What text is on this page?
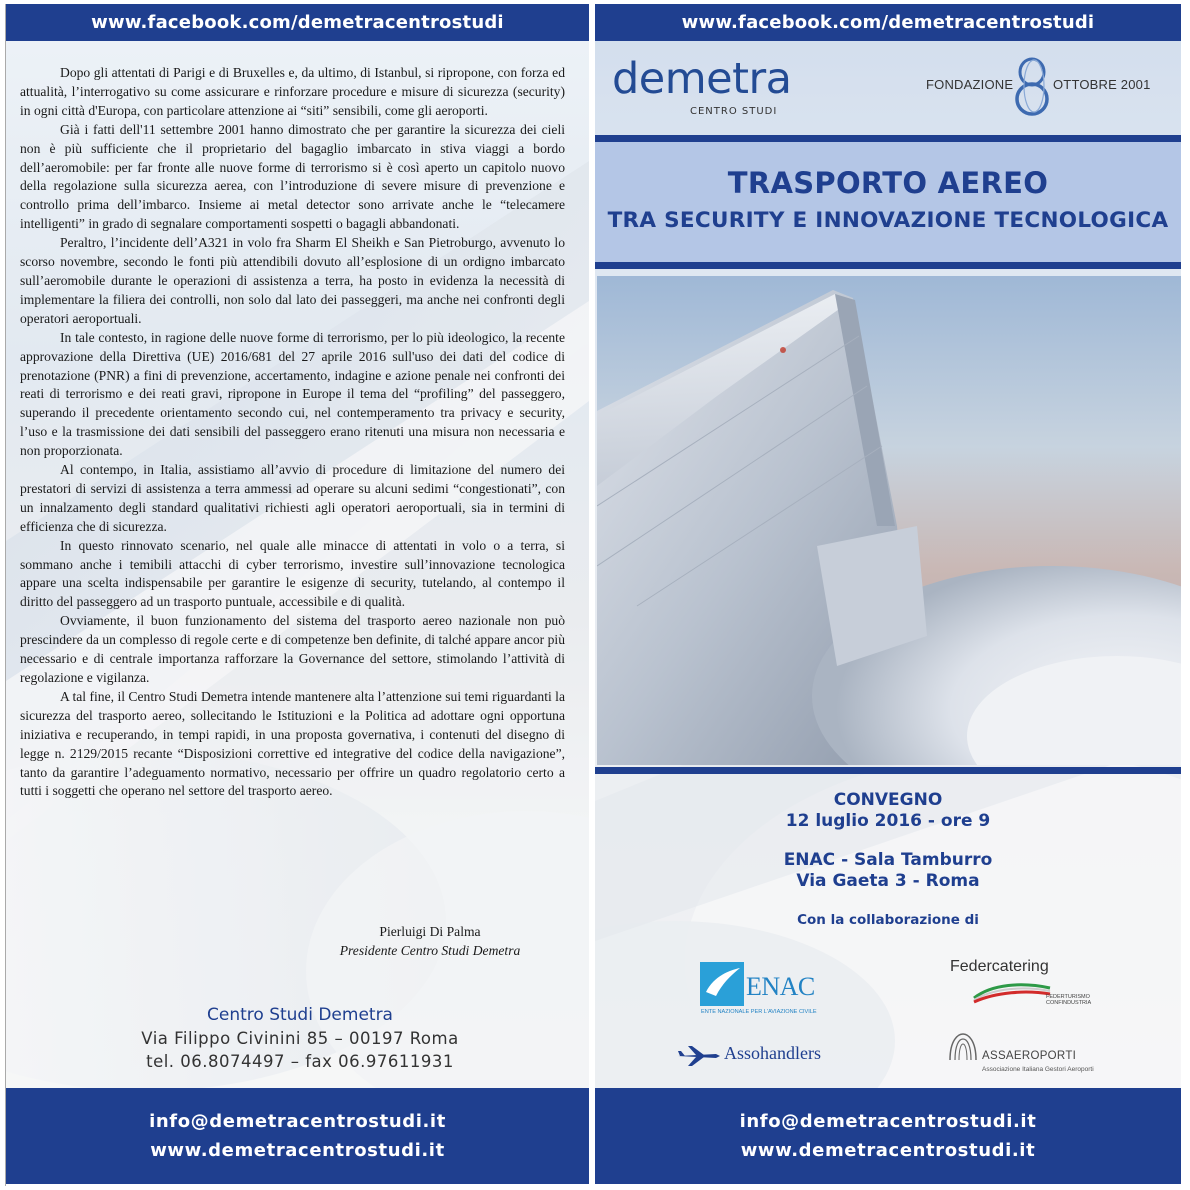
www.facebook.com/demetracentrostudi	www.facebook.com/demetracentrostudi

Dopo gli attentati di Parigi e di Bruxelles e, da ultimo, di Istanbul, si ripropone, con forza ed attualità, l’interrogativo su come assicurare e rinforzare procedure e misure di sicurezza (security) in ogni città d'Europa, con particolare attenzione ai “siti” sensibili, come gli aeroporti.

Già i fatti dell'11 settembre 2001 hanno dimostrato che per garantire la sicurezza dei cieli non è più sufficiente che il proprietario del bagaglio imbarcato in stiva viaggi a bordo dell’aeromobile: per far fronte alle nuove forme di terrorismo si è così aperto un capitolo nuovo della regolazione sulla sicurezza aerea, con l’introduzione di severe misure di prevenzione e controllo prima dell’imbarco. Insieme ai metal detector sono arrivate anche le “telecamere intelligenti” in grado di segnalare comportamenti sospetti o bagagli abbandonati.

Peraltro, l’incidente dell’A321 in volo fra Sharm El Sheikh e San Pietroburgo, avvenuto lo scorso novembre, secondo le fonti più attendibili dovuto all’esplosione di un ordigno imbarcato sull’aeromobile durante le operazioni di assistenza a terra, ha posto in evidenza la necessità di implementare la filiera dei controlli, non solo dal lato dei passeggeri, ma anche nei confronti degli operatori aeroportuali.

In tale contesto, in ragione delle nuove forme di terrorismo, per lo più ideologico, la recente approvazione della Direttiva (UE) 2016/681 del 27 aprile 2016 sull'uso dei dati del codice di prenotazione (PNR) a fini di prevenzione, accertamento, indagine e azione penale nei confronti dei reati di terrorismo e dei reati gravi, ripropone in Europe il tema del “profiling” del passeggero, superando il precedente orientamento secondo cui, nel contemperamento tra privacy e security, l’uso e la trasmissione dei dati sensibili del passeggero erano ritenuti una misura non necessaria e non proporzionata.

Al contempo, in Italia, assistiamo all’avvio di procedure di limitazione del numero dei prestatori di servizi di assistenza a terra ammessi ad operare su alcuni sedimi “congestionati”, con un innalzamento degli standard qualitativi richiesti agli operatori aeroportuali, sia in termini di efficienza che di sicurezza.

In questo rinnovato scenario, nel quale alle minacce di attentati in volo o a terra, si sommano anche i temibili attacchi di cyber terrorismo, investire sull’innovazione tecnologica appare una scelta indispensabile per garantire le esigenze di security, tutelando, al contempo il diritto del passeggero ad un trasporto puntuale, accessibile e di qualità.

Ovviamente, il buon funzionamento del sistema del trasporto aereo nazionale non può prescindere da un complesso di regole certe e di competenze ben definite, di talché appare ancor più necessario e di centrale importanza rafforzare la Governance del settore, stimolando l’attività di regolazione e vigilanza.

A tal fine, il Centro Studi Demetra intende mantenere alta l’attenzione sui temi riguardanti la sicurezza del trasporto aereo, sollecitando le Istituzioni e la Politica ad adottare ogni opportuna iniziativa e recuperando, in tempi rapidi, in una proposta governativa, i contenuti del disegno di legge n. 2129/2015 recante “Disposizioni correttive ed integrative del codice della navigazione”, tanto da garantire l’adeguamento normativo, necessario per offrire un quadro regolatorio certo a tutti i soggetti che operano nel settore del trasporto aereo.

Pierluigi Di Palma
Presidente Centro Studi Demetra
Centro Studi Demetra
Via Filippo Civinini 85 – 00197 Roma
tel. 06.8074497 – fax 06.97611931
demetra
CENTRO STUDI
FONDAZIONE	OTTOBRE 2001
TRASPORTO AEREO
TRA SECURITY E INNOVAZIONE TECNOLOGICA
CONVEGNO
12 luglio 2016 - ore 9
ENAC - Sala Tamburro
Via Gaeta 3 - Roma
Con la collaborazione di
ENAC
ENTE NAZIONALE PER L'AVIAZIONE CIVILE
Federcatering
FEDERTURISMO CONFINDUSTRIA
Assohandlers	ASSAEROPORTI
Associazione Italiana Gestori Aeroporti
info@demetracentrostudi.it
www.demetracentrostudi.it
info@demetracentrostudi.it
www.demetracentrostudi.it
